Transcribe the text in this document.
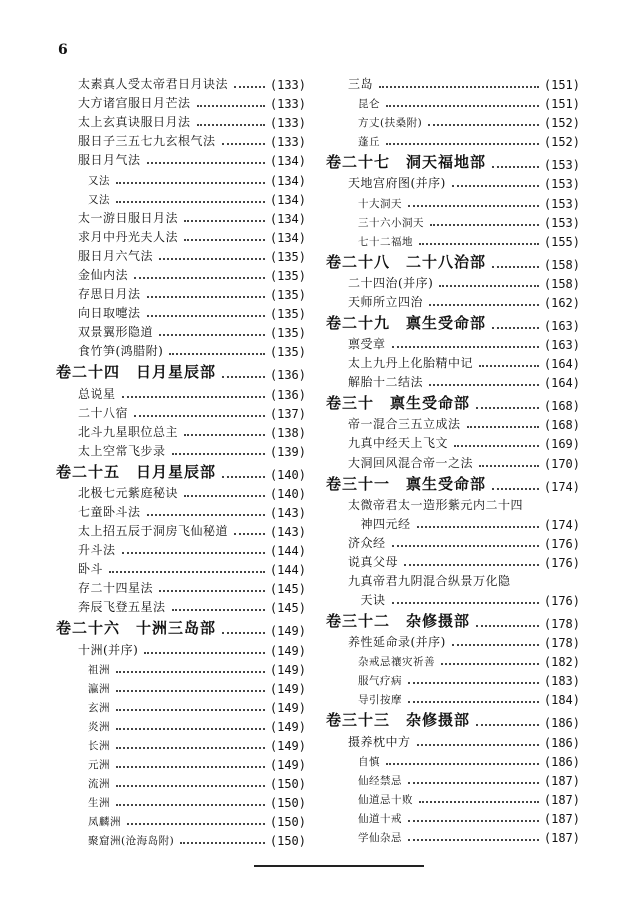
6
太素真人受太帝君日月诀法	(133)
大方诸宫服日月芒法	(133)
太上玄真诀服日月法	(133)
服日子三五七九玄根气法	(133)
服日月气法	(134)
又法	(134)
又法	(134)
太一游日服日月法	(134)
求月中丹光夫人法	(134)
服日月六气法	(135)
金仙内法	(135)
存思日月法	(135)
向日取嚏法	(135)
双景翼形隐道	(135)
食竹笋(鸿腊附)	(135)
卷二十四　日月星辰部	(136)
总说星	(136)
二十八宿	(137)
北斗九星职位总主	(138)
太上空常飞步录	(139)
卷二十五　日月星辰部	(140)
北极七元紫庭秘诀	(140)
七童卧斗法	(143)
太上招五辰于洞房飞仙秘道	(143)
升斗法	(144)
卧斗	(144)
存二十四星法	(145)
奔辰飞登五星法	(145)
卷二十六　十洲三岛部	(149)
十洲(并序)	(149)
祖洲	(149)
瀛洲	(149)
玄洲	(149)
炎洲	(149)
长洲	(149)
元洲	(149)
流洲	(150)
生洲	(150)
凤麟洲	(150)
聚窟洲(沧海岛附)	(150)
三岛	(151)
昆仑	(151)
方丈(扶桑附)	(152)
蓬丘	(152)
卷二十七　洞天福地部	(153)
天地宫府图(并序)	(153)
十大洞天	(153)
三十六小洞天	(153)
七十二福地	(155)
卷二十八　二十八治部	(158)
二十四治(并序)	(158)
天师所立四治	(162)
卷二十九　禀生受命部	(163)
禀受章	(163)
太上九丹上化胎精中记	(164)
解胎十二结法	(164)
卷三十　禀生受命部	(168)
帝一混合三五立成法	(168)
九真中经天上飞文	(169)
大洞回风混合帝一之法	(170)
卷三十一　禀生受命部	(174)
太微帝君太一造形紫元内二十四
　神四元经	(174)
济众经	(176)
说真父母	(176)
九真帝君九阴混合纵景万化隐
　天诀	(176)
卷三十二　杂修摄部	(178)
养性延命录(并序)	(178)
杂戒忌禳灾祈善	(182)
服气疗病	(183)
导引按摩	(184)
卷三十三　杂修摄部	(186)
摄养枕中方	(186)
自慎	(186)
仙经禁忌	(187)
仙道忌十败	(187)
仙道十戒	(187)
学仙杂忌	(187)
